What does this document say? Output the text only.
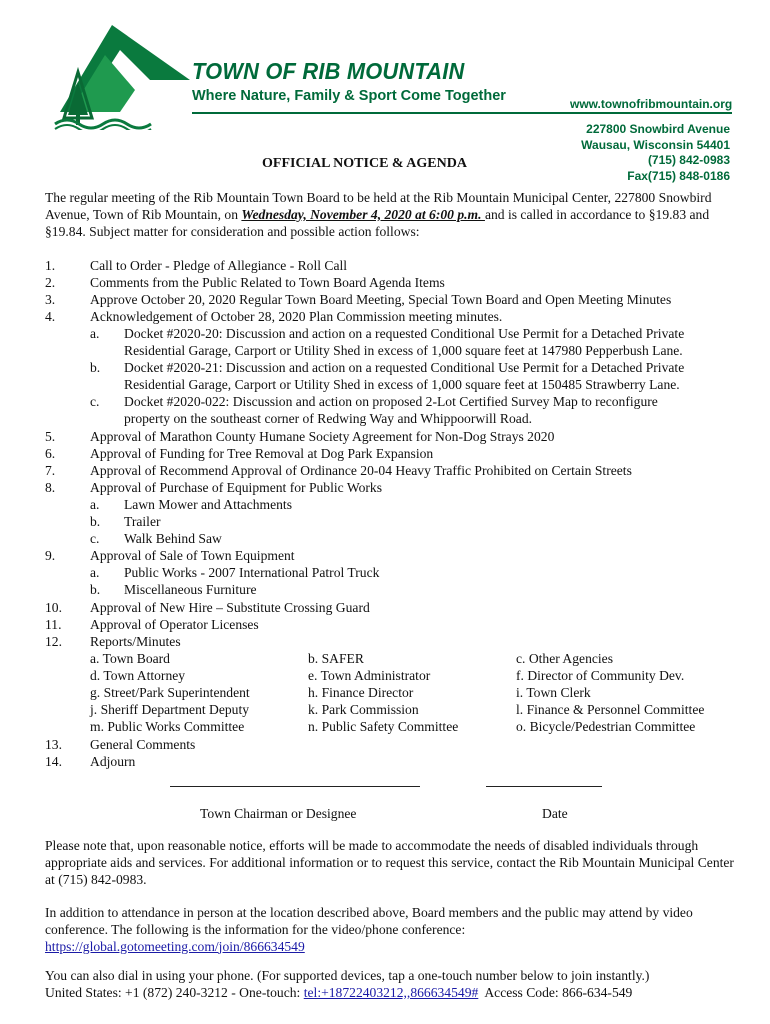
TOWN OF RIB MOUNTAIN
Where Nature, Family & Sport Come Together	www.townofribmountain.org
227800 Snowbird Avenue
Wausau, Wisconsin 54401
(715) 842-0983
Fax(715) 848-0186
OFFICIAL NOTICE & AGENDA
The regular meeting of the Rib Mountain Town Board to be held at the Rib Mountain Municipal Center, 227800 Snowbird Avenue, Town of Rib Mountain, on Wednesday, November 4, 2020 at 6:00 p.m. and is called in accordance to §19.83 and §19.84. Subject matter for consideration and possible action follows:
1.	Call to Order - Pledge of Allegiance - Roll Call
2.	Comments from the Public Related to Town Board Agenda Items
3.	Approve October 20, 2020 Regular Town Board Meeting, Special Town Board and Open Meeting Minutes
4.	Acknowledgement of October 28, 2020 Plan Commission meeting minutes.
a. Docket #2020-20: Discussion and action on a requested Conditional Use Permit for a Detached Private
Residential Garage, Carport or Utility Shed in excess of 1,000 square feet at 147980 Pepperbush Lane.
b. Docket #2020-21: Discussion and action on a requested Conditional Use Permit for a Detached Private
Residential Garage, Carport or Utility Shed in excess of 1,000 square feet at 150485 Strawberry Lane.
c. Docket #2020-022: Discussion and action on proposed 2-Lot Certified Survey Map to reconfigure
property on the southeast corner of Redwing Way and Whippoorwill Road.
5.	Approval of Marathon County Humane Society Agreement for Non-Dog Strays 2020
6.	Approval of Funding for Tree Removal at Dog Park Expansion
7.	Approval of Recommend Approval of Ordinance 20-04 Heavy Traffic Prohibited on Certain Streets
8.	Approval of Purchase of Equipment for Public Works
a. Lawn Mower and Attachments
b. Trailer
c. Walk Behind Saw
9.	Approval of Sale of Town Equipment
a. Public Works - 2007 International Patrol Truck
b. Miscellaneous Furniture
10. Approval of New Hire – Substitute Crossing Guard
11. Approval of Operator Licenses
12. Reports/Minutes
a. Town Board	b. SAFER	c. Other Agencies
d. Town Attorney	e. Town Administrator	f. Director of Community Dev.
g. Street/Park Superintendent	h. Finance Director	i. Town Clerk
j. Sheriff Department Deputy	k. Park Commission	l. Finance & Personnel Committee
m. Public Works Committee	n. Public Safety Committee	o. Bicycle/Pedestrian Committee
13. General Comments
14. Adjourn
Town Chairman or Designee	Date
Please note that, upon reasonable notice, efforts will be made to accommodate the needs of disabled individuals through appropriate aids and services. For additional information or to request this service, contact the Rib Mountain Municipal Center at (715) 842-0983.
In addition to attendance in person at the location described above, Board members and the public may attend by video conference. The following is the information for the video/phone conference:
https://global.gotomeeting.com/join/866634549
You can also dial in using your phone. (For supported devices, tap a one-touch number below to join instantly.)
United States: +1 (872) 240-3212 - One-touch: tel:+18722403212,,866634549#  Access Code: 866-634-549
